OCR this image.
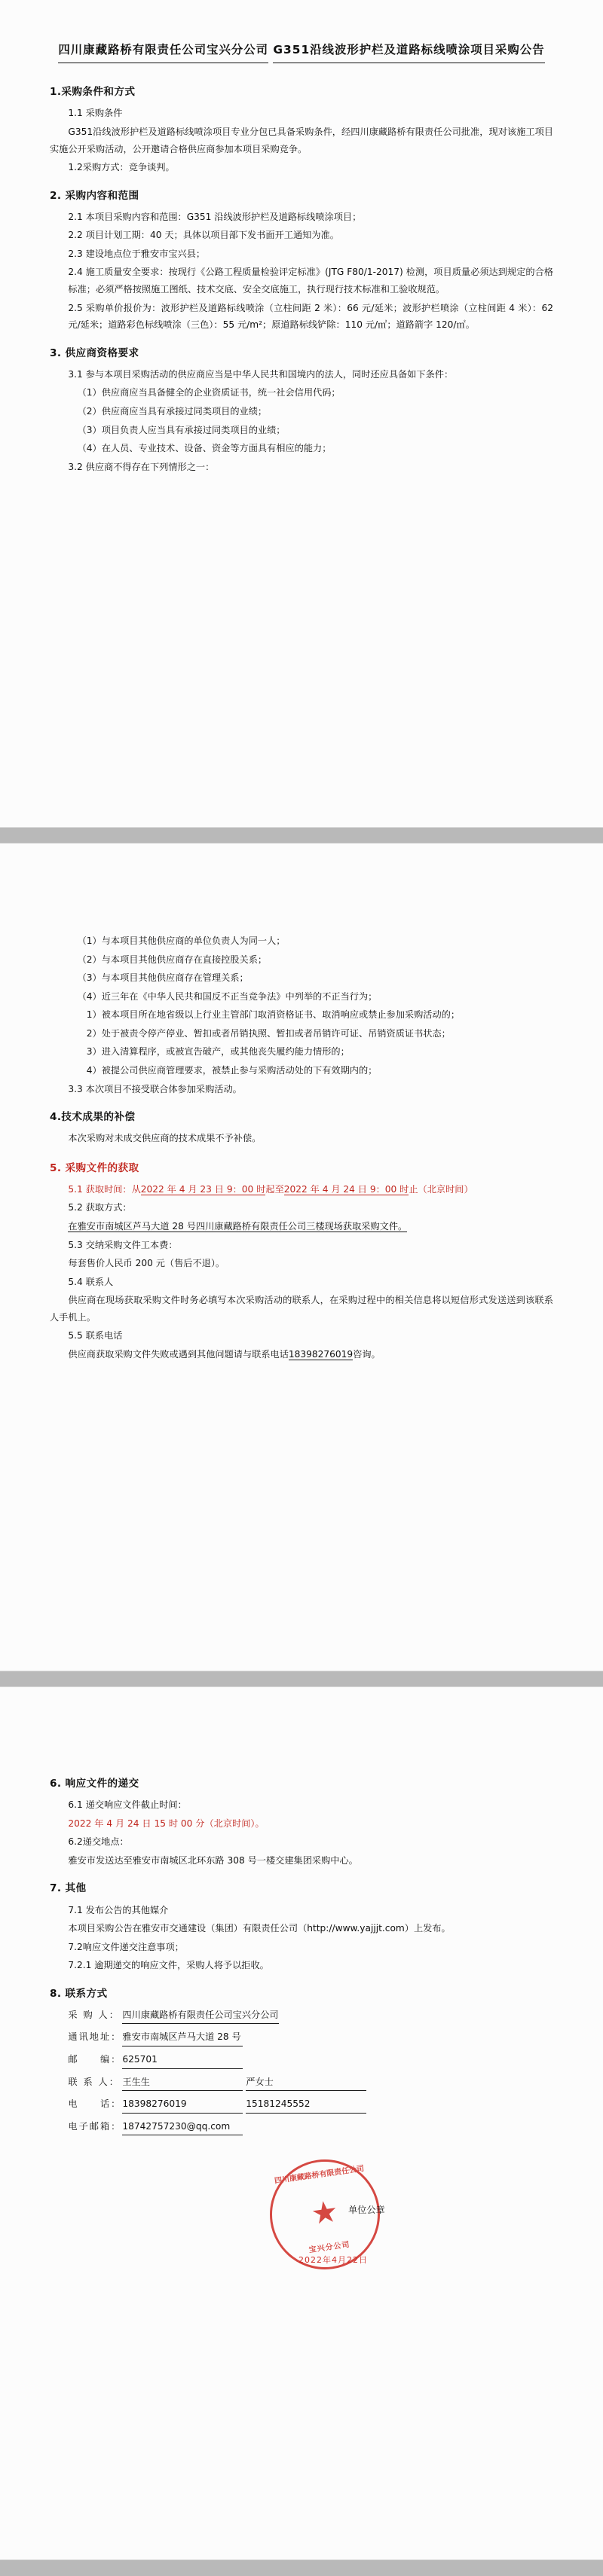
四川康藏路桥有限责任公司宝兴分公司 G351沿线波形护栏及道路标线喷涂项目采购公告
1.采购条件和方式

1.1 采购条件

G351沿线波形护栏及道路标线喷涂项目专业分包已具备采购条件，经四川康藏路桥有限责任公司批准，现对该施工项目实施公开采购活动，公开邀请合格供应商参加本项目采购竞争。

1.2采购方式：竞争谈判。

2. 采购内容和范围

2.1 本项目采购内容和范围：G351 沿线波形护栏及道路标线喷涂项目；

2.2 项目计划工期：40 天；具体以项目部下发书面开工通知为准。

2.3 建设地点位于雅安市宝兴县；

2.4 施工质量安全要求：按现行《公路工程质量检验评定标准》(JTG F80/1-2017) 检测，项目质量必须达到规定的合格标准；必须严格按照施工图纸、技术交底、安全交底施工，执行现行技术标准和工验收规范。

2.5 采购单价报价为：波形护栏及道路标线喷涂（立柱间距 2 米）：66 元/延米；波形护栏喷涂（立柱间距 4 米）：62 元/延米；道路彩色标线喷涂（三色）：55 元/m²；原道路标线铲除：110 元/㎡；道路箭字 120/㎡。

3. 供应商资格要求

3.1 参与本项目采购活动的供应商应当是中华人民共和国境内的法人，同时还应具备如下条件：

（1）供应商应当具备健全的企业资质证书，统一社会信用代码；

（2）供应商应当具有承接过同类项目的业绩；

（3）项目负责人应当具有承接过同类项目的业绩；

（4）在人员、专业技术、设备、资金等方面具有相应的能力；

3.2 供应商不得存在下列情形之一：

（1）与本项目其他供应商的单位负责人为同一人；

（2）与本项目其他供应商存在直接控股关系；

（3）与本项目其他供应商存在管理关系；

（4）近三年在《中华人民共和国反不正当竞争法》中列举的不正当行为；

1）被本项目所在地省级以上行业主管部门取消资格证书、取消响应或禁止参加采购活动的；

2）处于被责令停产停业、暂扣或者吊销执照、暂扣或者吊销许可证、吊销资质证书状态；

3）进入清算程序，或被宣告破产，或其他丧失履约能力情形的；

4）被提公司供应商管理要求，被禁止参与采购活动处的下有效期内的；

3.3 本次项目不接受联合体参加采购活动。

4.技术成果的补偿

本次采购对未成交供应商的技术成果不予补偿。

5. 采购文件的获取

5.1 获取时间：从2022 年 4 月 23 日 9：00 时起至2022 年 4 月 24 日 9：00 时止（北京时间）

5.2 获取方式：

在雅安市南城区芦马大道 28 号四川康藏路桥有限责任公司三楼现场获取采购文件。

5.3 交纳采购文件工本费：

每套售价人民币 200 元（售后不退）。

5.4 联系人

供应商在现场获取采购文件时务必填写本次采购活动的联系人，在采购过程中的相关信息将以短信形式发送送到该联系人手机上。

5.5 联系电话

供应商获取采购文件失败或遇到其他问题请与联系电话18398276019咨询。

6. 响应文件的递交

6.1 递交响应文件截止时间：

2022 年 4 月 24 日 15 时 00 分（北京时间）。

6.2递交地点：

雅安市发送达至雅安市南城区北环东路 308 号一楼交建集团采购中心。

7. 其他

7.1 发布公告的其他媒介

本项目采购公告在雅安市交通建设（集团）有限责任公司（http://www.yajjjt.com）上发布。

7.2响应文件递交注意事项；

7.2.1 逾期递交的响应文件，采购人将予以拒收。

8. 联系方式
采 购 人： 四川康藏路桥有限责任公司宝兴分公司
通讯地址： 雅安市南城区芦马大道 28 号
邮　　编： 625701
联 系 人： 王生生	严女士
电　　话： 18398276019	15181245552
电子邮箱： 18742757230@qq.com
四川康藏路桥有限责任公司
★
宝兴分公司
单位公章
2022年4月22日
